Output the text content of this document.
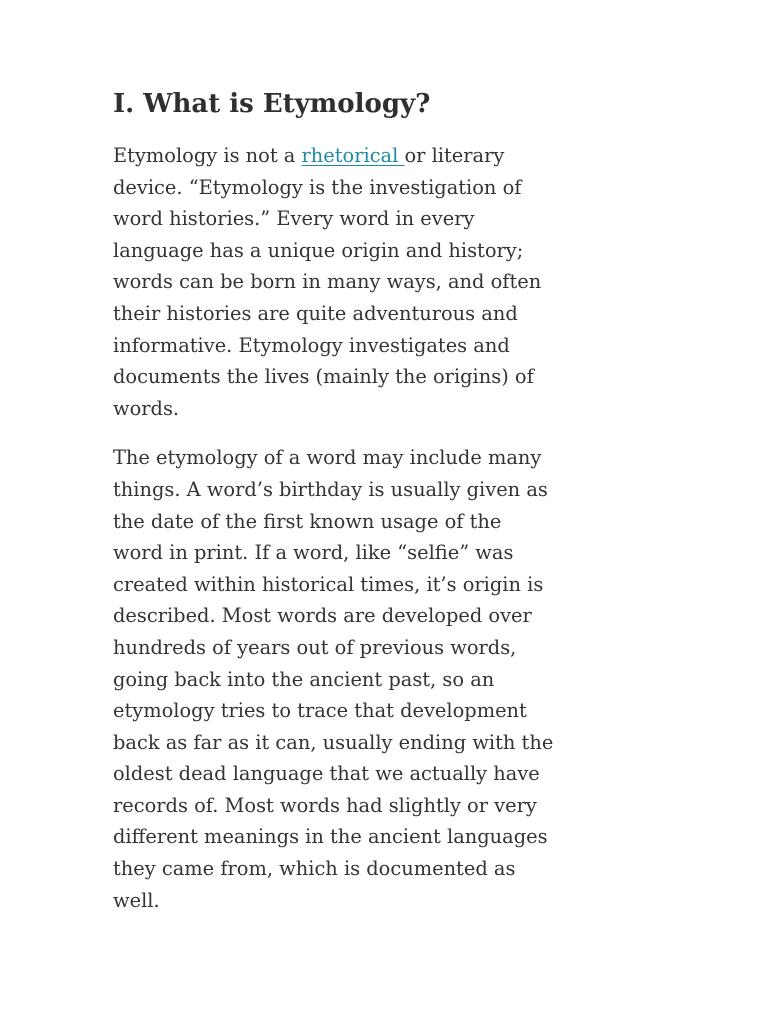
I. What is Etymology?

Etymology is not a rhetorical or literary
device. “Etymology is the investigation of
word histories.” Every word in every
language has a unique origin and history;
words can be born in many ways, and often
their histories are quite adventurous and
informative. Etymology investigates and
documents the lives (mainly the origins) of
words.

The etymology of a word may include many
things. A word’s birthday is usually given as
the date of the first known usage of the
word in print. If a word, like “selfie” was
created within historical times, it’s origin is
described. Most words are developed over
hundreds of years out of previous words,
going back into the ancient past, so an
etymology tries to trace that development
back as far as it can, usually ending with the
oldest dead language that we actually have
records of. Most words had slightly or very
different meanings in the ancient languages
they came from, which is documented as
well.
